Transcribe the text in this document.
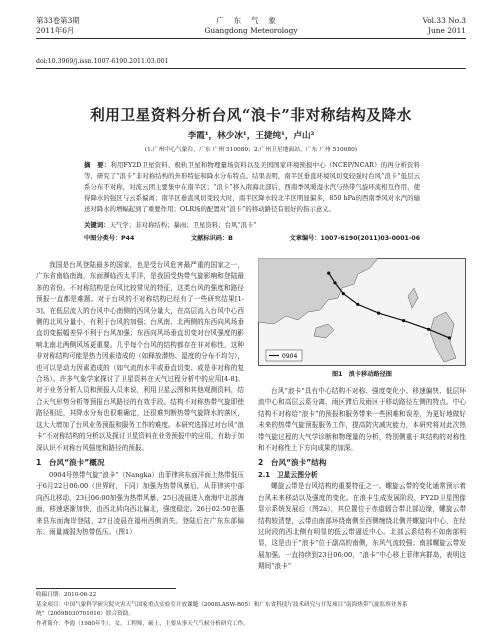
第33卷第3期
2011年6月
广东气象
Guangdong Meteorology
Vol.33 No.3
June 2011
doi:10.3969/j.issn.1007-6190.2011.03.001
利用卫星资料分析台风“浪卡”非对称结构及降水
李霞¹，林少冰¹，王捷纯¹，卢山²
(1.广州中心气象台，广东 广州 510080；2.广州卫星地面站，广东 广州 510080)
摘　要：利用FY2D卫星资料、极轨卫星和物理量场资料以及美国国家环境预报中心（NCEP/NCAR）的再分析资料等，研究了“浪卡”非对称结构的外形特征和降水分布特点。结果表明，南半区垂直环境风切变较强时台风“浪卡”低层云系分布不对称，对流云团主要集中在南半区；“浪卡”移入南海北部后，西南季风暖湿水汽与热带气旋环流相互作用，使得降水的强区与云系偏离；南半区垂直风切变较大时，南半区降水较北半区明显偏多，850 hPa的西南季风对水汽的输送对降水的增幅起到了重要作用；OLR场的配置对“浪卡”的移动路径有很好的指示意义。
关键词：天气学；非对称结构；暴雨；卫星资料；台风“浪卡”
中图分类号：P44	文献标识码：B	文章编号：1007-6190(2011)03-0001-06

我国是台风登陆最多的国家，也是受台风危害最严重的国家之一，广东省南临南海，东面濒临西太平洋，是我国受热带气旋影响和登陆最多的省份。不对称结构是台风比较常见的特征，这类台风的强度和路径预报一直都是难题。对于台风的不对称结构已经有了一些研究结果[1-3]。在低层流入的台风中心南侧的西风分量大，在高层流入台风中心西侧的北风分量小，有利于台风的加强；台风南、北两侧的东西向风场垂直切变振幅差异不利于台风加强；东西向风场垂直切变对台风强度的影响北南北两侧风场更重要。几乎每个台风的结构都存在非对称性，这种非对称结构可能是热力因素造成的（如释放潜热、湿度的分布不均匀），也可以是动力因素造成的（如气流的水平或垂直切变、或是非对称的复合场）。许多气象学家探讨了卫星资料在天气过程分析中的应用[4-8]。对于业务分析人员和预报人员来说，利用卫星云图和其他观测资料，结合天气形势分析等预报台风路径的有效手段。结构不对称热带气旋即使路径相近，其降水分布也很难确定，还很难判断热带气旋降水的落区，这大大增加了台风业务预报和服务工作的难度。本研究选择过对台风“浪卡”不对称结构的分析以及探讨卫星资料在业务预报中的应用，有助于加深认识不对称台风强度和路径的预报。

1　台风“浪卡”概况

0904号热带气旋“浪卡”（Nangka）由菲律宾东面洋面上热带低压于6月22日06:00（世界时，下同）加强为热带风暴后，从菲律宾中部向西北移动，23日06:00加强为热带风暴，25日凌晨进入南海中北部海面，移速逐渐加快，由西北转向西北偏北，强度稳定。26日02:50在惠来县东面海岸登陆，27日凌晨在福州西侧消失。登陆后在广东东部偏东、雨量减弱为热带低压。（图1）

0904
图1　浪卡移动路径图

台风“浪卡”具有中心结构不对称、强度变化小、移速偏快、低层环流中心和高层云系分离、雨区滞后及雨区于移动路径左侧的特点。中心结构不对称给“浪卡”的预报和服务带来一些困难和误差，为更好地做好未来的热带气旋预报服务工作，提高防灾减灾能力，本研究将对此次热带气旋过程的大气学诊断和物理量的分析，特别侧重于其结构的对称性和不对称性上下方向成果的加深。

2　台风“浪卡”结构
2.1　卫星云图分析

螺旋云带是台风结构的重要特征之一。螺旋云带的变化通常预示着台风未来移动以及强度的变化。在浪卡生成发展阶段，FY2D卫星图像显示系统发展后（图2a），其位置位于赤道辐合带北部边缘，螺旋云带结构较清楚，云带由南部环绕南侧至西侧缠绕北侧并螺旋向中心，在经过时段的西北侧有明显的低云带逼近中心。北部云系结构不如南部明显，这是由于“浪卡”位于副高的南侧，东风气流较强；南部螺旋云带发展加强。一直持续到23日06:00，“浪卡”中心移上菲律宾群岛，表明这期间“浪卡”

收稿日期：2010-06-22
基金项目：中国气象科学研究院灾害天气国家重点实验室开放课题（2008LASW-B05）和广东省科技厅技术研究与开发项目“南海热带气旋监察业务系统”（2009B030701016）联合资助。
作者简介：李霞（1980年生），女，工程师，硕士，主要从事天气气候分析研究工作。
